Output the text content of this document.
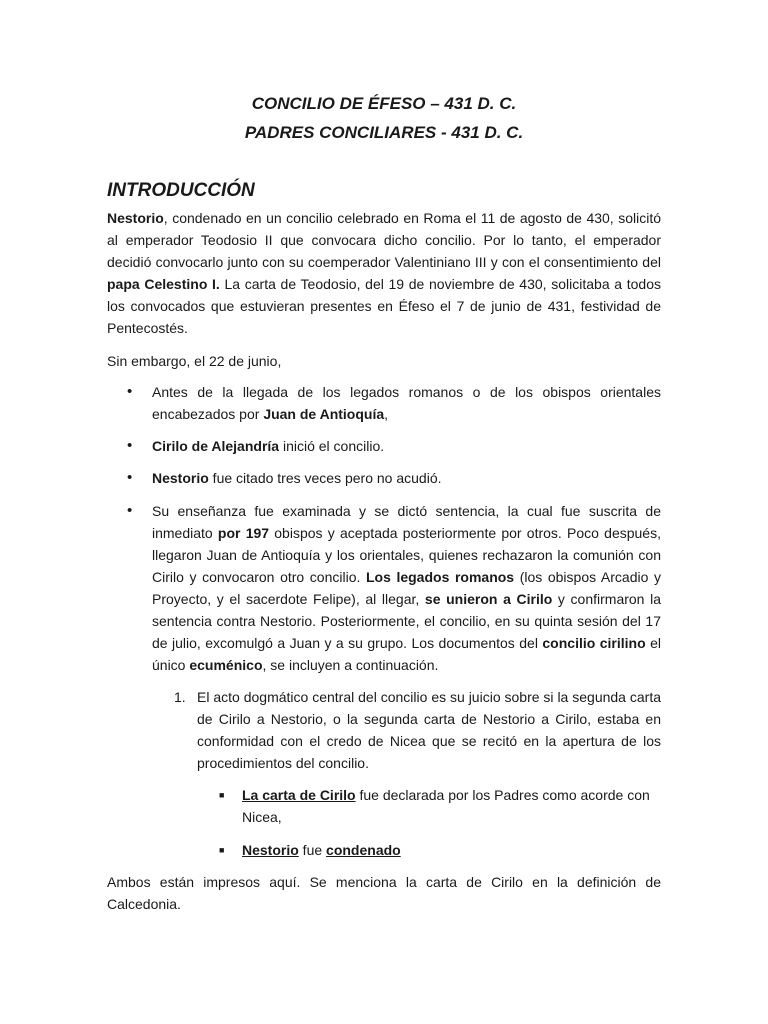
CONCILIO DE ÉFESO – 431 D. C.
PADRES CONCILIARES - 431 D. C.
INTRODUCCIÓN

Nestorio, condenado en un concilio celebrado en Roma el 11 de agosto de 430, solicitó al emperador Teodosio II que convocara dicho concilio. Por lo tanto, el emperador decidió convocarlo junto con su coemperador Valentiniano III y con el consentimiento del papa Celestino I. La carta de Teodosio, del 19 de noviembre de 430, solicitaba a todos los convocados que estuvieran presentes en Éfeso el 7 de junio de 431, festividad de Pentecostés.

Sin embargo, el 22 de junio,

• Antes de la llegada de los legados romanos o de los obispos orientales encabezados por Juan de Antioquía,

• Cirilo de Alejandría inició el concilio.

• Nestorio fue citado tres veces pero no acudió.

• Su enseñanza fue examinada y se dictó sentencia, la cual fue suscrita de inmediato por 197 obispos y aceptada posteriormente por otros. Poco después, llegaron Juan de Antioquía y los orientales, quienes rechazaron la comunión con Cirilo y convocaron otro concilio. Los legados romanos (los obispos Arcadio y Proyecto, y el sacerdote Felipe), al llegar, se unieron a Cirilo y confirmaron la sentencia contra Nestorio. Posteriormente, el concilio, en su quinta sesión del 17 de julio, excomulgó a Juan y a su grupo. Los documentos del concilio cirilino el único ecuménico, se incluyen a continuación.

1. El acto dogmático central del concilio es su juicio sobre si la segunda carta de Cirilo a Nestorio, o la segunda carta de Nestorio a Cirilo, estaba en conformidad con el credo de Nicea que se recitó en la apertura de los procedimientos del concilio.

■ La carta de Cirilo fue declarada por los Padres como acorde con Nicea,

■ Nestorio fue condenado

Ambos están impresos aquí. Se menciona la carta de Cirilo en la definición de Calcedonia.
